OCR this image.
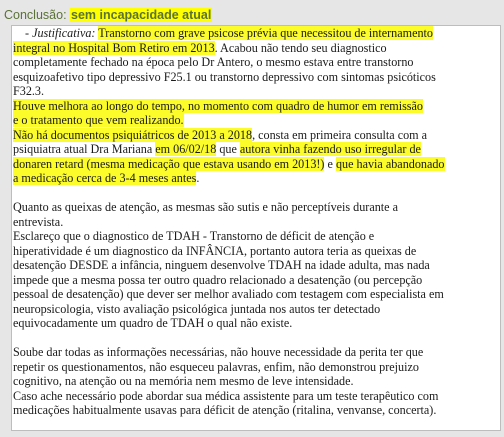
Conclusão: sem incapacidade atual
- Justificativa: Transtorno com grave psicose prévia que necessitou de internamento
integral no Hospital Bom Retiro em 2013. Acabou não tendo seu diagnostico
completamente fechado na época pelo Dr Antero, o mesmo estava entre transtorno
esquizoafetivo tipo depressivo F25.1 ou transtorno depressivo com sintomas psicóticos
F32.3.
Houve melhora ao longo do tempo, no momento com quadro de humor em remissão
e o tratamento que vem realizando.
Não há documentos psiquiátricos de 2013 a 2018, consta em primeira consulta com a
psiquiatra atual Dra Mariana em 06/02/18 que autora vinha fazendo uso irregular de
donaren retard (mesma medicação que estava usando em 2013!) e que havia abandonado
a medicação cerca de 3-4 meses antes.
Quanto as queixas de atenção, as mesmas são sutis e não perceptíveis durante a
entrevista.
Esclareço que o diagnostico de TDAH - Transtorno de déficit de atenção e
hiperatividade é um diagnostico da INFÂNCIA, portanto autora teria as queixas de
desatenção DESDE a infância, ninguem desenvolve TDAH na idade adulta, mas nada
impede que a mesma possa ter outro quadro relacionado a desatenção (ou percepção
pessoal de desatenção) que dever ser melhor avaliado com testagem com especialista em
neuropsicologia, visto avaliação psicológica juntada nos autos ter detectado
equivocadamente um quadro de TDAH o qual não existe.
Soube dar todas as informações necessárias, não houve necessidade da perita ter que
repetir os questionamentos, não esqueceu palavras, enfim, não demonstrou prejuizo
cognitivo, na atenção ou na memória nem mesmo de leve intensidade.
Caso ache necessário pode abordar sua médica assistente para um teste terapêutico com
medicações habitualmente usavas para déficit de atenção (ritalina, venvanse, concerta).
